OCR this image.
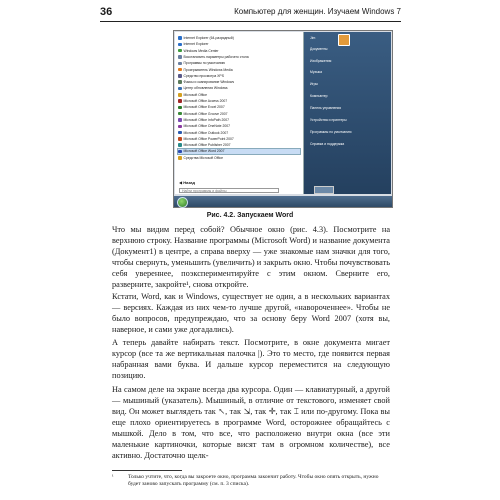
36	Компьютер для женщин. Изучаем Windows 7
◀ Назад
Найти программы и файлы
Internet Explorer (64-разрядный)
Internet Explorer
Windows Media Center
Восстановить параметры рабочего стола
Программы по умолчанию
Проигрыватель Windows Media
Средство просмотра XPS
Факсы и сканирование Windows
Центр обновления Windows
Microsoft Office
Microsoft Office Access 2007
Microsoft Office Excel 2007
Microsoft Office Groove 2007
Microsoft Office InfoPath 2007
Microsoft Office OneNote 2007
Microsoft Office Outlook 2007
Microsoft Office PowerPoint 2007
Microsoft Office Publisher 2007
Microsoft Office Word 2007
Средства Microsoft Office
Jim
Документы
Изображения
Музыка
Игры
Компьютер
Панель управления
Устройства и принтеры
Программы по умолчанию
Справка и поддержка
Рис. 4.2. Запускаем Word

Что мы видим перед собой? Обычное окно (рис. 4.3). Посмотрите на верхнюю строку. Название программы (Microsoft Word) и название документа (Документ1) в центре, а справа вверху — уже знакомые нам значки для того, чтобы свернуть, уменьшить (увеличить) и закрыть окно. Чтобы почувствовать себя увереннее, поэкспериментируйте с этим окном. Сверните его, разверните, закройте¹, снова откройте.

Кстати, Word, как и Windows, существует не один, а в нескольких вариантах — версиях. Каждая из них чем-то лучше другой, «навороченнее». Чтобы не было вопросов, предупреждаю, что за основу беру Word 2007 (хотя вы, наверное, и сами уже догадались).

А теперь давайте набирать текст. Посмотрите, в окне документа мигает курсор (все та же вертикальная палочка |). Это то место, где появится первая набранная вами буква. И дальше курсор переместится на следующую позицию.

На самом деле на экране всегда два курсора. Один — клавиатурный, а другой — мышиный (указатель). Мышиный, в отличие от текстового, изменяет свой вид. Он может выглядеть так ↖, так ⇲, так ✛, так ⌶ или по-другому. Пока вы еще плохо ориентируетесь в программе Word, осторожнее обращайтесь с мышкой. Дело в том, что все, что расположено внутри окна (все эти маленькие картиночки, которые висят там в огромном количестве), все активно. Достаточно щелк-

¹	Только учтите, что, когда вы закроете окно, программа закончит работу. Чтобы окно опять открыть, нужно будет заново запускать программу (см. п. 3 списка).
